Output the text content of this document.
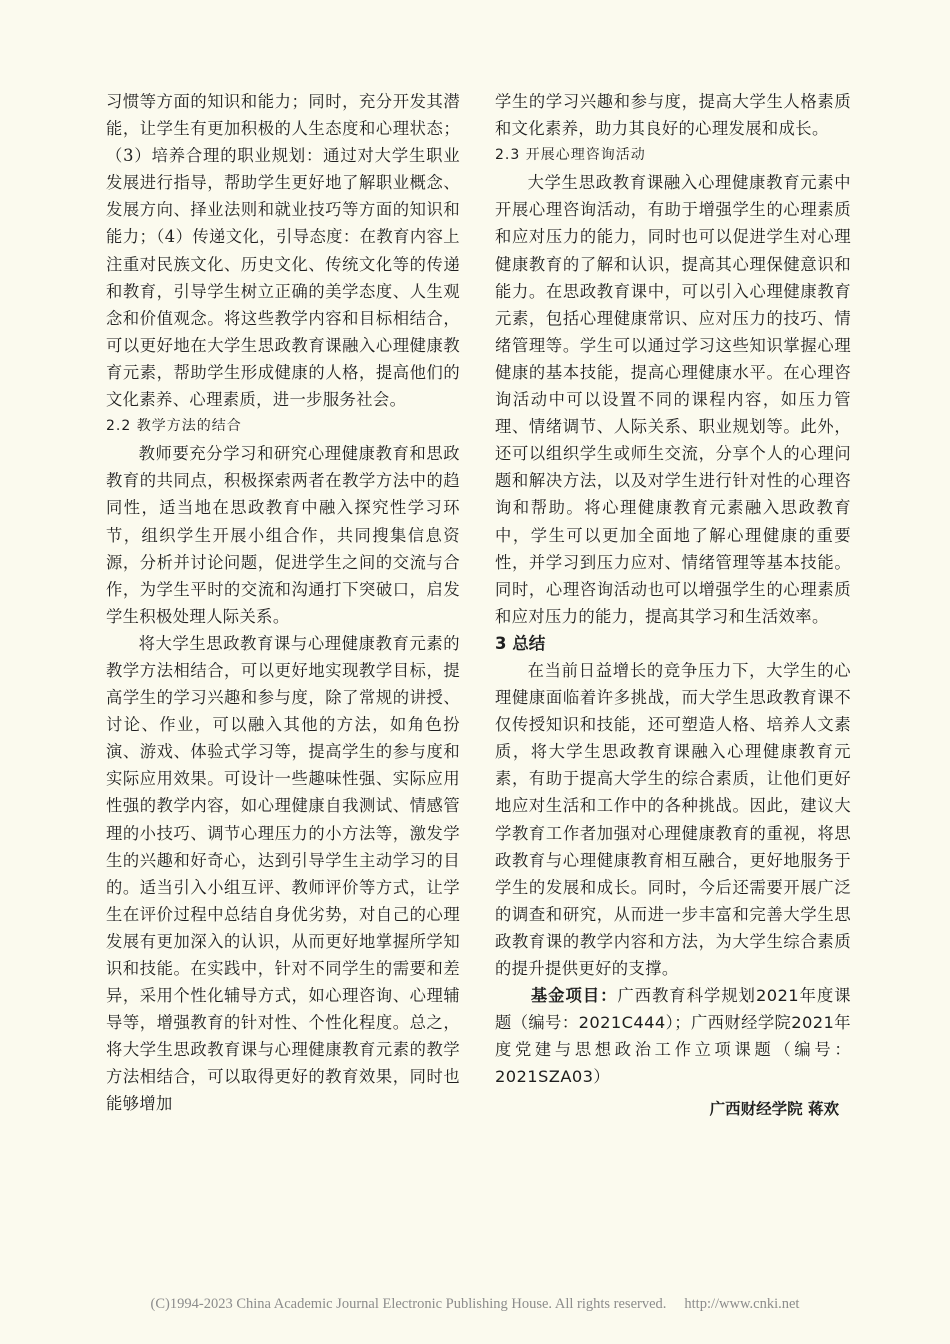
习惯等方面的知识和能力；同时，充分开发其潜能，让学生有更加积极的人生态度和心理状态；（3）培养合理的职业规划：通过对大学生职业发展进行指导，帮助学生更好地了解职业概念、发展方向、择业法则和就业技巧等方面的知识和能力；（4）传递文化，引导态度：在教育内容上注重对民族文化、历史文化、传统文化等的传递和教育，引导学生树立正确的美学态度、人生观念和价值观念。将这些教学内容和目标相结合，可以更好地在大学生思政教育课融入心理健康教育元素，帮助学生形成健康的人格，提高他们的文化素养、心理素质，进一步服务社会。

2.2 教学方法的结合

教师要充分学习和研究心理健康教育和思政教育的共同点，积极探索两者在教学方法中的趋同性，适当地在思政教育中融入探究性学习环节，组织学生开展小组合作，共同搜集信息资源，分析并讨论问题，促进学生之间的交流与合作，为学生平时的交流和沟通打下突破口，启发学生积极处理人际关系。

将大学生思政教育课与心理健康教育元素的教学方法相结合，可以更好地实现教学目标，提高学生的学习兴趣和参与度，除了常规的讲授、讨论、作业，可以融入其他的方法，如角色扮演、游戏、体验式学习等，提高学生的参与度和实际应用效果。可设计一些趣味性强、实际应用性强的教学内容，如心理健康自我测试、情感管理的小技巧、调节心理压力的小方法等，激发学生的兴趣和好奇心，达到引导学生主动学习的目的。适当引入小组互评、教师评价等方式，让学生在评价过程中总结自身优劣势，对自己的心理发展有更加深入的认识，从而更好地掌握所学知识和技能。在实践中，针对不同学生的需要和差异，采用个性化辅导方式，如心理咨询、心理辅导等，增强教育的针对性、个性化程度。总之，将大学生思政教育课与心理健康教育元素的教学方法相结合，可以取得更好的教育效果，同时也能够增加

学生的学习兴趣和参与度，提高大学生人格素质和文化素养，助力其良好的心理发展和成长。

2.3 开展心理咨询活动

大学生思政教育课融入心理健康教育元素中开展心理咨询活动，有助于增强学生的心理素质和应对压力的能力，同时也可以促进学生对心理健康教育的了解和认识，提高其心理保健意识和能力。在思政教育课中，可以引入心理健康教育元素，包括心理健康常识、应对压力的技巧、情绪管理等。学生可以通过学习这些知识掌握心理健康的基本技能，提高心理健康水平。在心理咨询活动中可以设置不同的课程内容，如压力管理、情绪调节、人际关系、职业规划等。此外，还可以组织学生或师生交流，分享个人的心理问题和解决方法，以及对学生进行针对性的心理咨询和帮助。将心理健康教育元素融入思政教育中，学生可以更加全面地了解心理健康的重要性，并学习到压力应对、情绪管理等基本技能。同时，心理咨询活动也可以增强学生的心理素质和应对压力的能力，提高其学习和生活效率。

3 总结

在当前日益增长的竞争压力下，大学生的心理健康面临着许多挑战，而大学生思政教育课不仅传授知识和技能，还可塑造人格、培养人文素质，将大学生思政教育课融入心理健康教育元素，有助于提高大学生的综合素质，让他们更好地应对生活和工作中的各种挑战。因此，建议大学教育工作者加强对心理健康教育的重视，将思政教育与心理健康教育相互融合，更好地服务于学生的发展和成长。同时，今后还需要开展广泛的调查和研究，从而进一步丰富和完善大学生思政教育课的教学内容和方法，为大学生综合素质的提升提供更好的支撑。

基金项目：广西教育科学规划2021年度课题（编号：2021C444）；广西财经学院2021年度党建与思想政治工作立项课题（编号：2021SZA03）

广西财经学院 蒋欢
(C)1994-2023 China Academic Journal Electronic Publishing House. All rights reserved. http://www.cnki.net
